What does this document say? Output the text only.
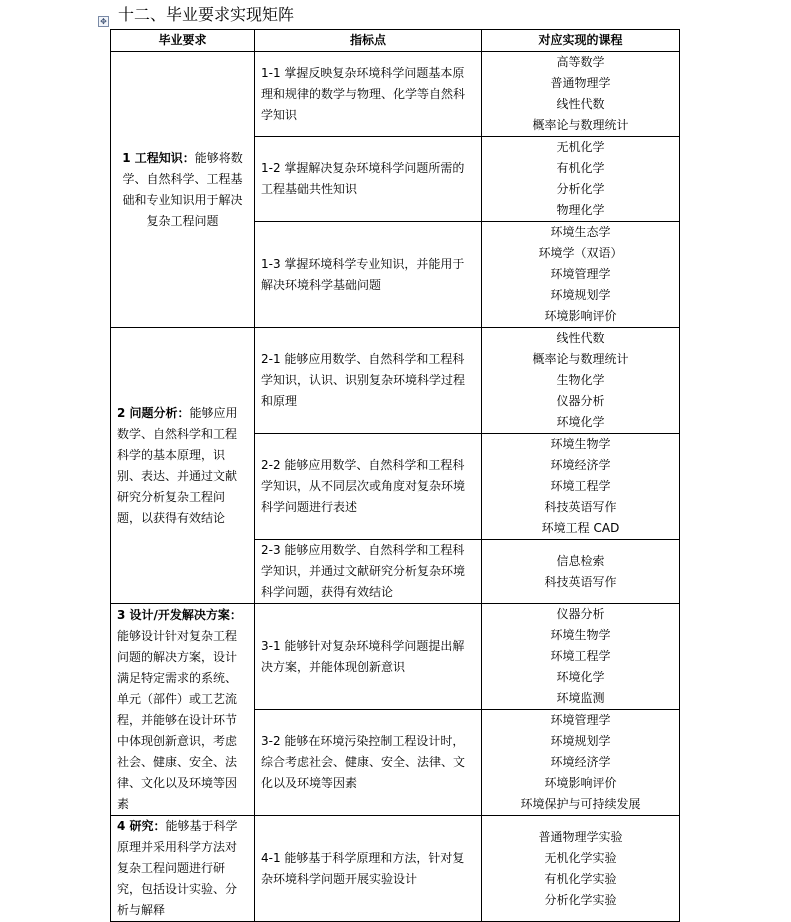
✥ 十二、毕业要求实现矩阵
毕业要求	指标点	对应实现的课程
1 工程知识：能够将数学、自然科学、工程基础和专业知识用于解决复杂工程问题	1-1 掌握反映复杂环境科学问题基本原理和规律的数学与物理、化学等自然科学知识	高等数学
普通物理学
线性代数
概率论与数理统计

	1-2 掌握解决复杂环境科学问题所需的工程基础共性知识	无机化学
有机化学
分析化学
物理化学

	1-3 掌握环境科学专业知识，并能用于解决环境科学基础问题	环境生态学
环境学（双语）
环境管理学
环境规划学
环境影响评价

2 问题分析：能够应用数学、自然科学和工程科学的基本原理，识别、表达、并通过文献研究分析复杂工程问题，以获得有效结论	2-1 能够应用数学、自然科学和工程科学知识，认识、识别复杂环境科学过程和原理	线性代数
概率论与数理统计
生物化学
仪器分析
环境化学

	2-2 能够应用数学、自然科学和工程科学知识，从不同层次或角度对复杂环境科学问题进行表述	环境生物学
环境经济学
环境工程学
科技英语写作
环境工程 CAD

	2-3 能够应用数学、自然科学和工程科学知识，并通过文献研究分析复杂环境科学问题，获得有效结论	信息检索
科技英语写作

3 设计/开发解决方案：能够设计针对复杂工程问题的解决方案，设计满足特定需求的系统、单元（部件）或工艺流程，并能够在设计环节中体现创新意识，考虑社会、健康、安全、法律、文化以及环境等因素	3-1 能够针对复杂环境科学问题提出解决方案，并能体现创新意识	仪器分析
环境生物学
环境工程学
环境化学
环境监测

	3-2 能够在环境污染控制工程设计时，综合考虑社会、健康、安全、法律、文化以及环境等因素	环境管理学
环境规划学
环境经济学
环境影响评价
环境保护与可持续发展

4 研究：能够基于科学原理并采用科学方法对复杂工程问题进行研究，包括设计实验、分析与解释	4-1 能够基于科学原理和方法，针对复杂环境科学问题开展实验设计	普通物理学实验
无机化学实验
有机化学实验
分析化学实验
